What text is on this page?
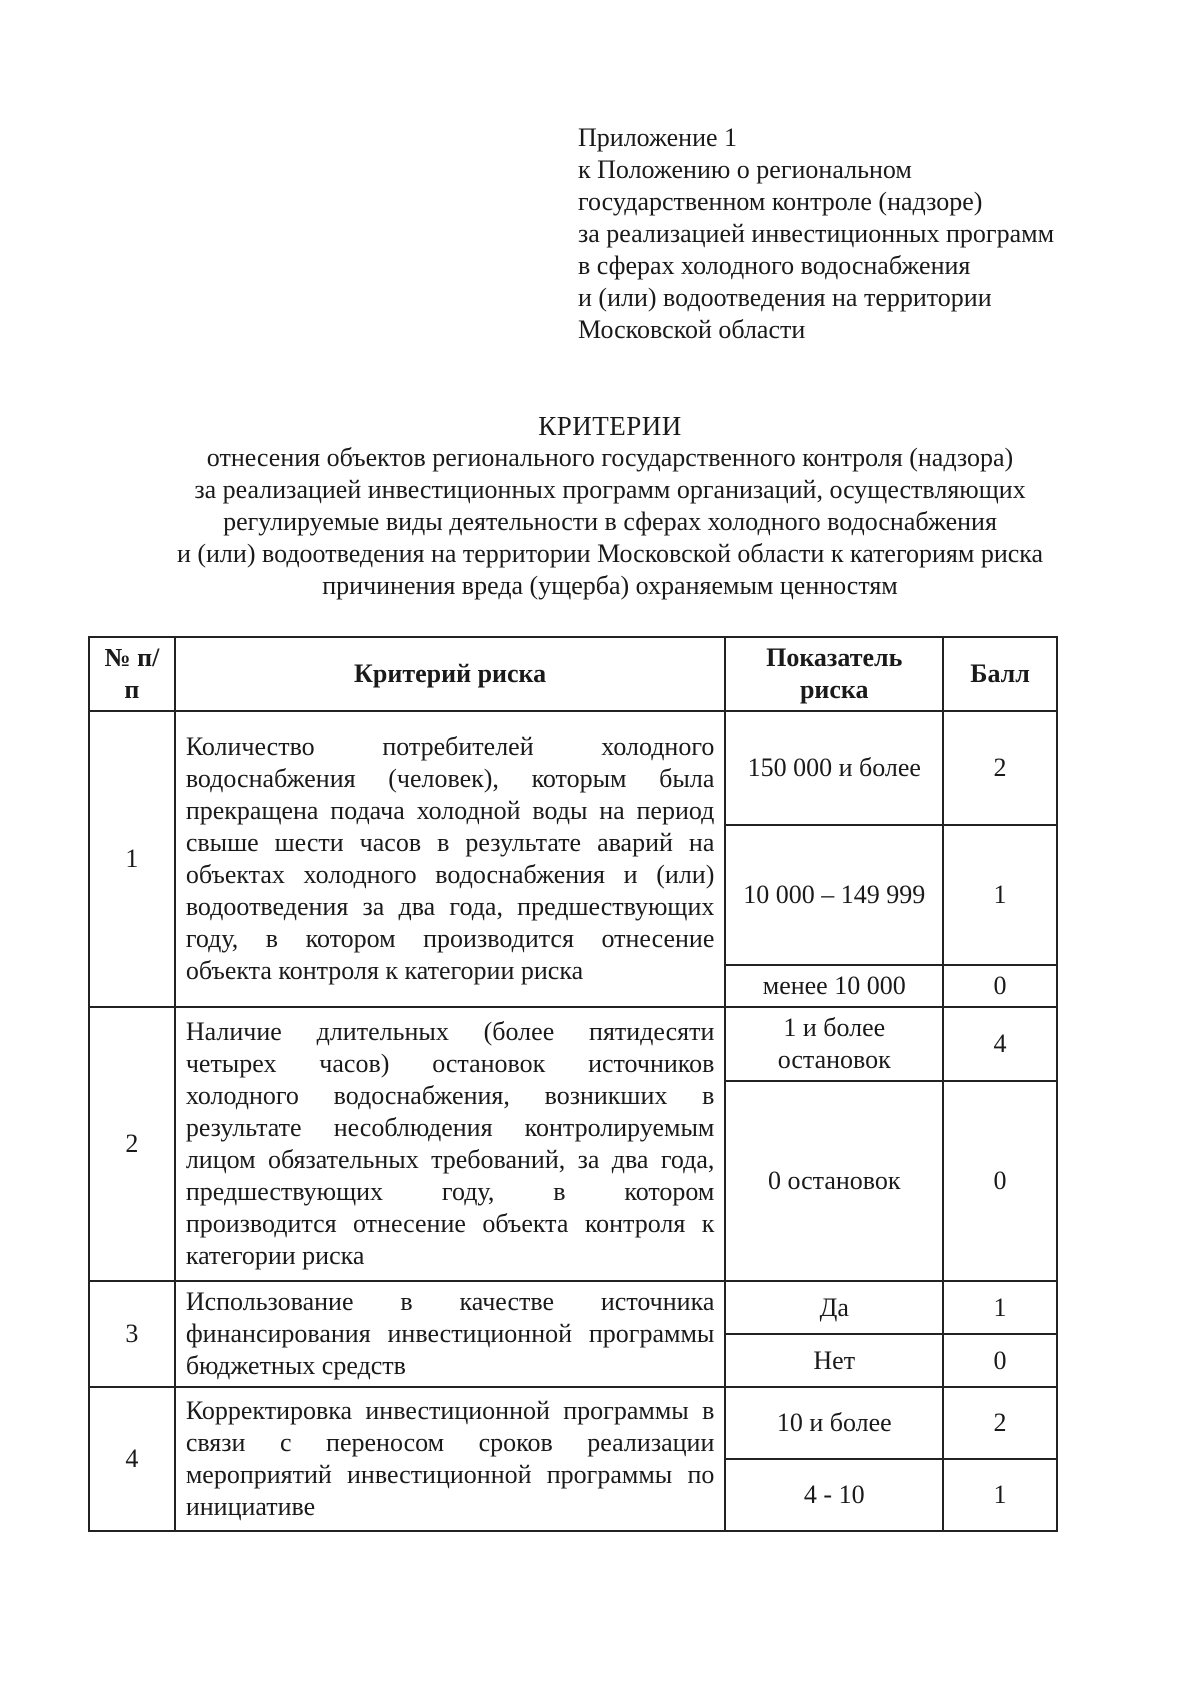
Приложение 1
к Положению о региональном
государственном контроле (надзоре)
за реализацией инвестиционных программ
в сферах холодного водоснабжения
и (или) водоотведения на территории
Московской области
КРИТЕРИИ
отнесения объектов регионального государственного контроля (надзора)
за реализацией инвестиционных программ организаций, осуществляющих
регулируемые виды деятельности в сферах холодного водоснабжения
и (или) водоотведения на территории Московской области к категориям риска
причинения вреда (ущерба) охраняемым ценностям
№ п/п	Критерий риска	Показатель риска	Балл
1	Количество потребителей холодного водоснабжения (человек), которым была прекращена подача холодной воды на период свыше шести часов в результате аварий на объектах холодного водоснабжения и (или) водоотведения за два года, предшествующих году, в котором производится отнесение объекта контроля к категории риска	150 000 и более	2
		10 000 – 149 999	1
		менее 10 000	0
2	Наличие длительных (более пятидесяти четырех часов) остановок источников холодного водоснабжения, возникших в результате несоблюдения контролируемым лицом обязательных требований, за два года, предшествующих году, в котором производится отнесение объекта контроля к категории риска	1 и более остановок	4
		0 остановок	0
3	Использование в качестве источника финансирования инвестиционной программы бюджетных средств	Да	1
		Нет	0
4	Корректировка инвестиционной программы в связи с переносом сроков реализации мероприятий инвестиционной программы по инициативе	10 и более	2
		4 - 10	1
